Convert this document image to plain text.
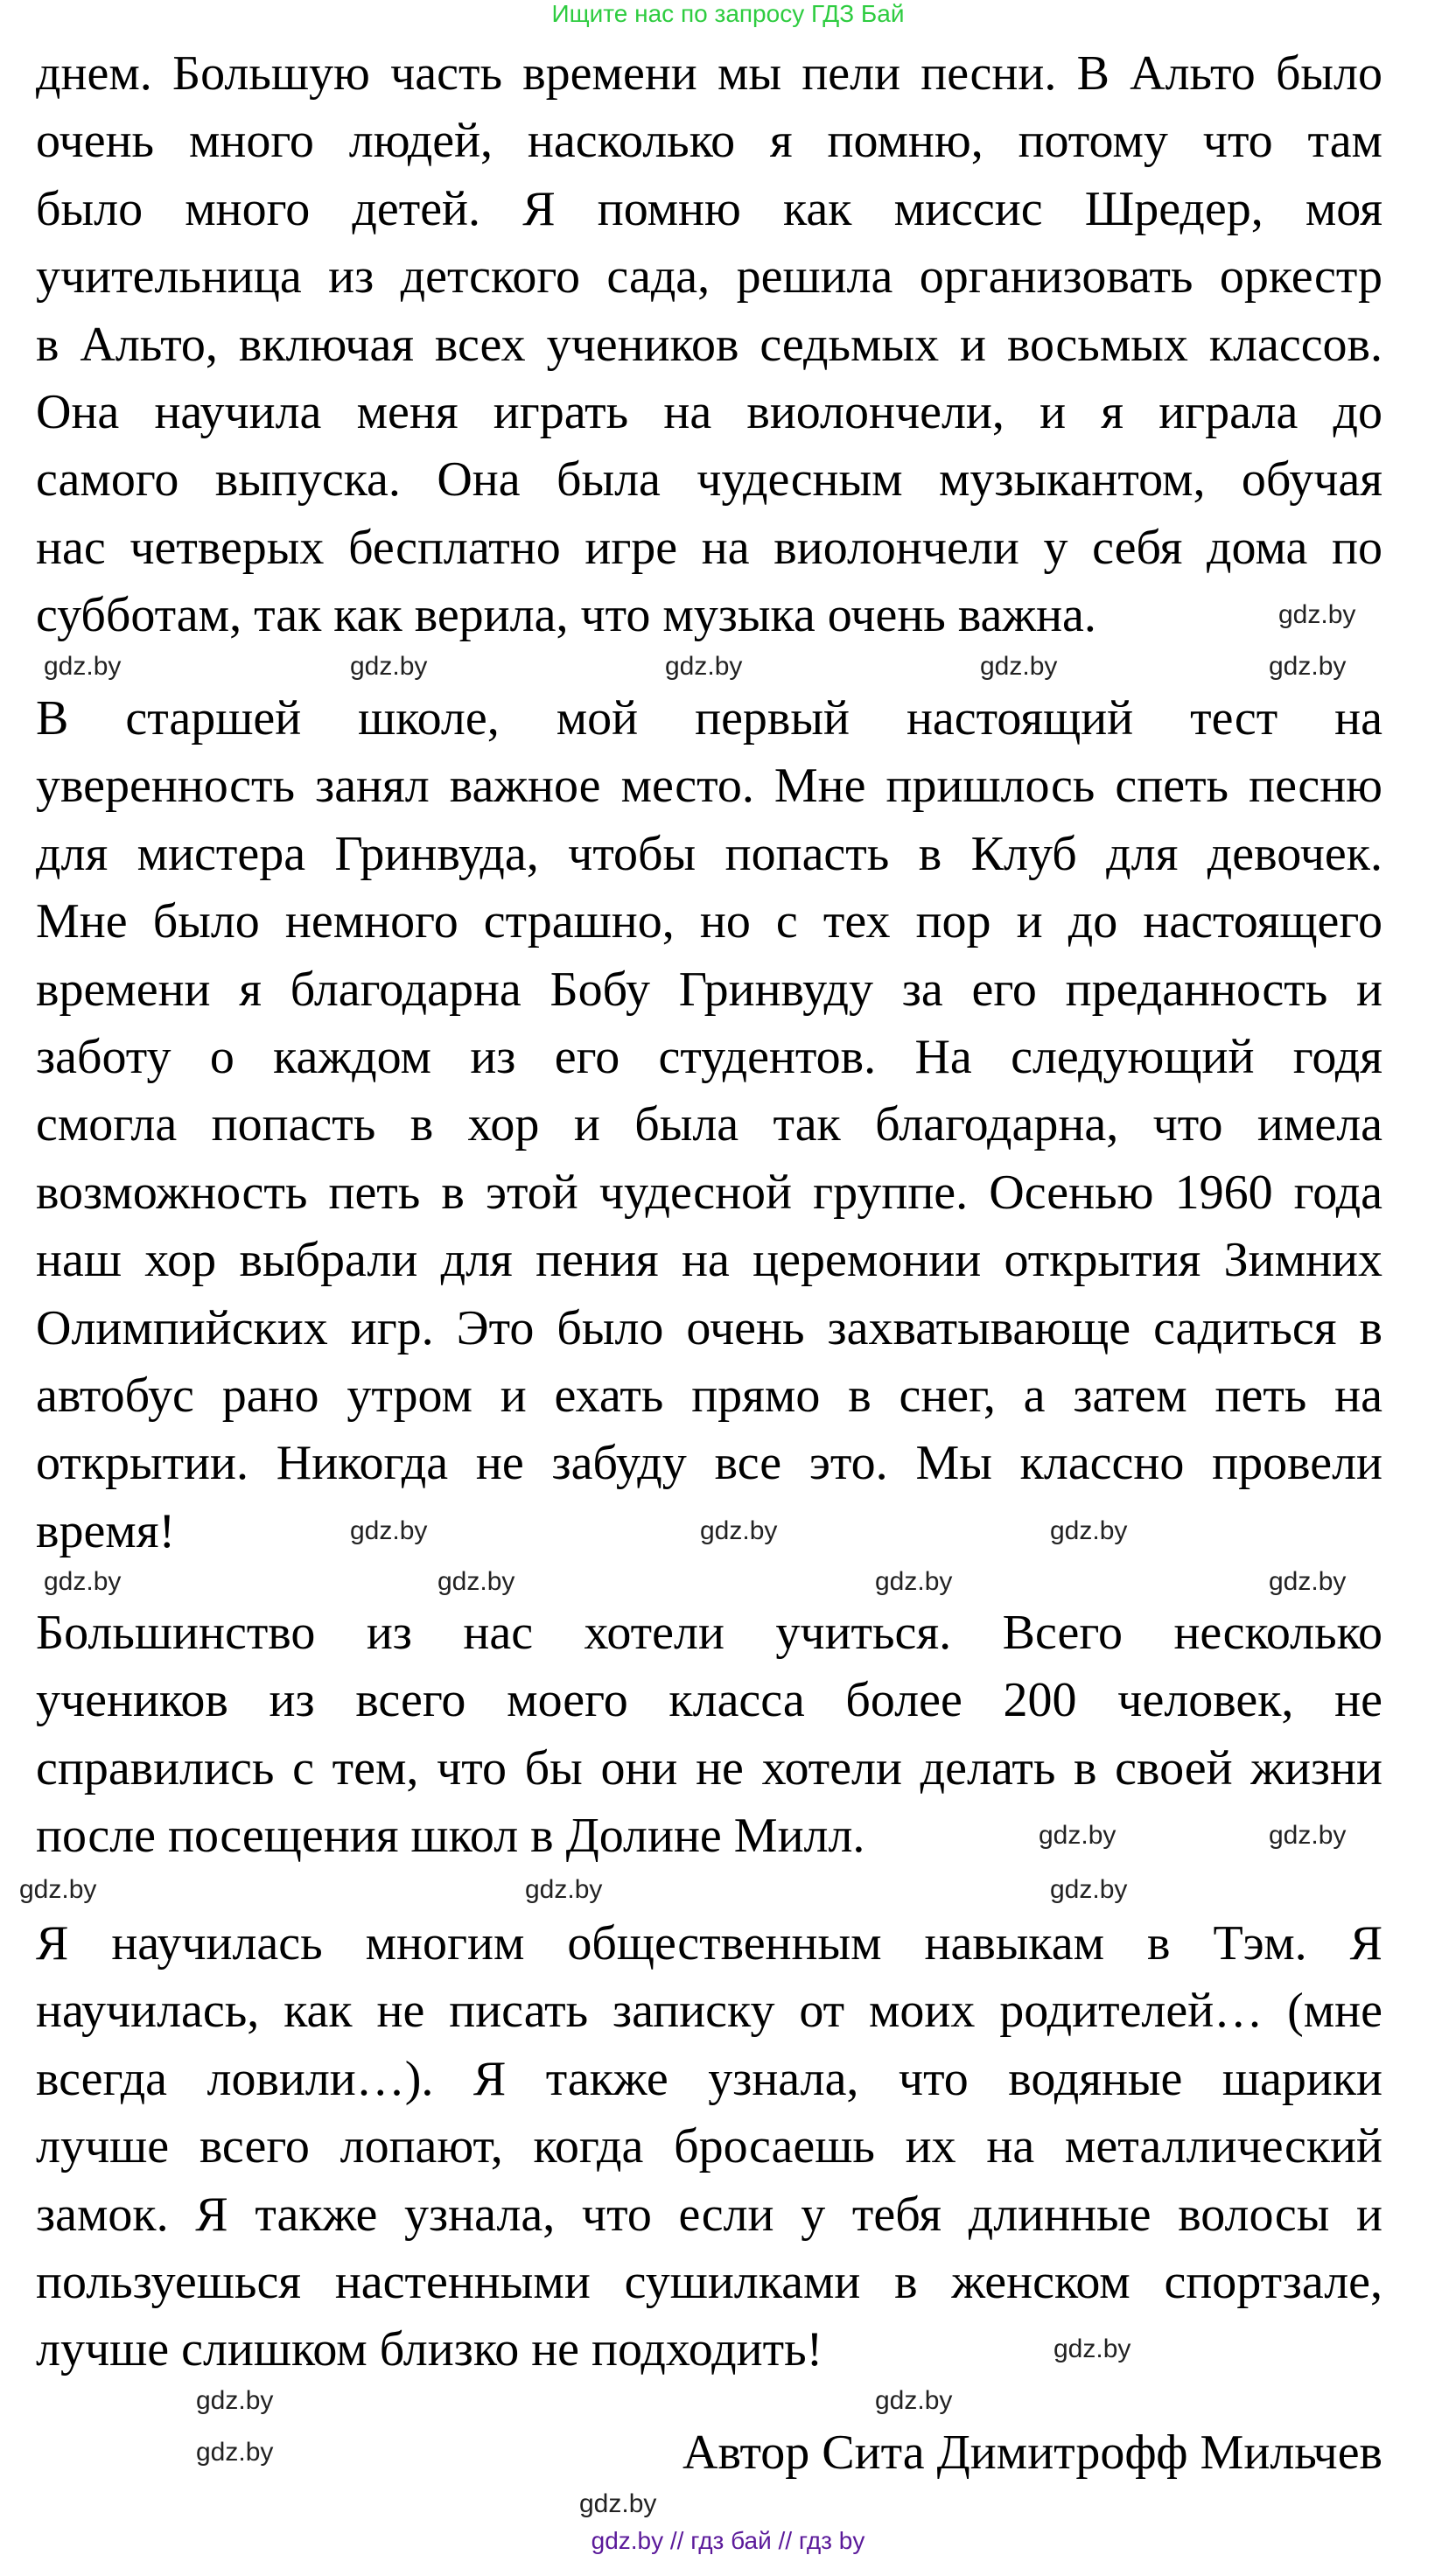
Ищите нас по запросу ГДЗ Бай
днем. Большую часть времени мы пели песни. В Альто было
очень много людей, насколько я помню, потому что там
было много детей. Я помню как миссис Шредер, моя
учительница из детского сада, решила организовать оркестр
в Альто, включая всех учеников седьмых и восьмых классов.
Она научила меня играть на виолончели, и я играла до
самого выпуска. Она была чудесным музыкантом, обучая
нас четверых бесплатно игре на виолончели у себя дома по
субботам, так как верила, что музыка очень важна.
В старшей школе, мой первый настоящий тест на
уверенность занял важное место. Мне пришлось спеть песню
для мистера Гринвуда, чтобы попасть в Клуб для девочек.
Мне было немного страшно, но с тех пор и до настоящего
времени я благодарна Бобу Гринвуду за его преданность и
заботу о каждом из его студентов. На следующий годя
смогла попасть в хор и была так благодарна, что имела
возможность петь в этой чудесной группе. Осенью 1960 года
наш хор выбрали для пения на церемонии открытия Зимних
Олимпийских игр. Это было очень захватывающе садиться в
автобус рано утром и ехать прямо в снег, а затем петь на
открытии. Никогда не забуду все это. Мы классно провели
время!
Большинство из нас хотели учиться. Всего несколько
учеников из всего моего класса более 200 человек, не
справились с тем, что бы они не хотели делать в своей жизни
после посещения школ в Долине Милл.
Я научилась многим общественным навыкам в Тэм. Я
научилась, как не писать записку от моих родителей… (мне
всегда ловили…). Я также узнала, что водяные шарики
лучше всего лопают, когда бросаешь их на металлический
замок. Я также узнала, что если у тебя длинные волосы и
пользуешься настенными сушилками в женском спортзале,
лучше слишком близко не подходить!
Автор Сита Димитрофф Мильчев
gdz.by
gdz.by	gdz.by	gdz.by	gdz.by	gdz.by
gdz.by	gdz.by	gdz.by
gdz.by	gdz.by	gdz.by	gdz.by
gdz.by	gdz.by
gdz.by	gdz.by	gdz.by
gdz.by
gdz.by	gdz.by
gdz.by
gdz.by
gdz.by // гдз бай // гдз by
